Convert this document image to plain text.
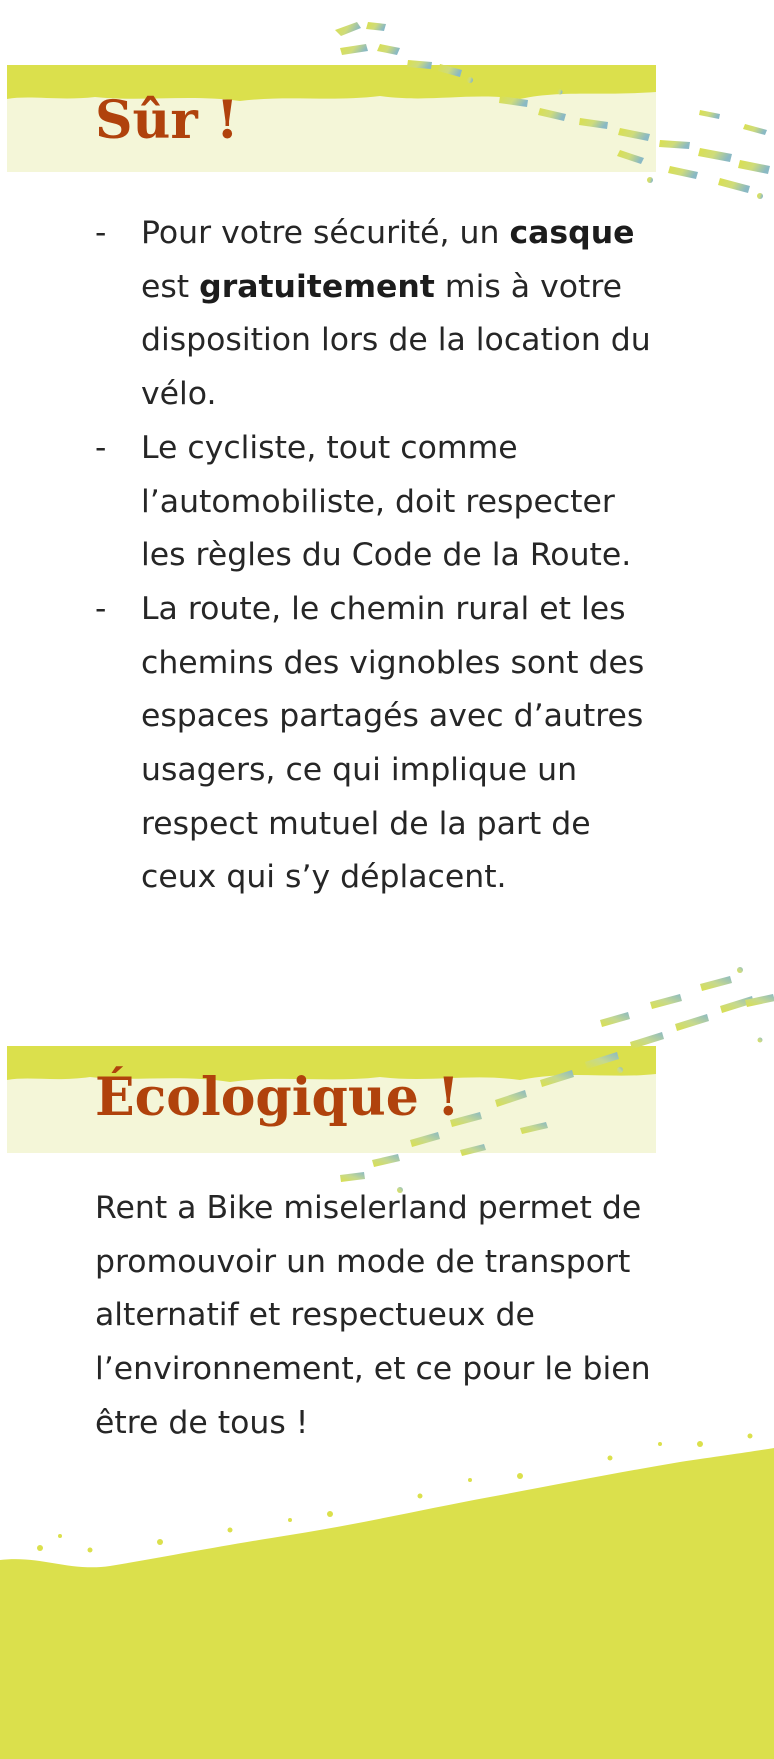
Sûr !
- Pour votre sécurité, un casque est gratuitement mis à votre disposition lors de la location du vélo.
- Le cycliste, tout comme l’automobiliste, doit respecter les règles du Code de la Route.
- La route, le chemin rural et les chemins des vignobles sont des espaces partagés avec d’autres usagers, ce qui implique un respect mutuel de la part de ceux qui s’y déplacent.
Écologique !

Rent a Bike miselerland permet de promouvoir un mode de transport alternatif et respectueux de l’environnement, et ce pour le bien être de tous !
